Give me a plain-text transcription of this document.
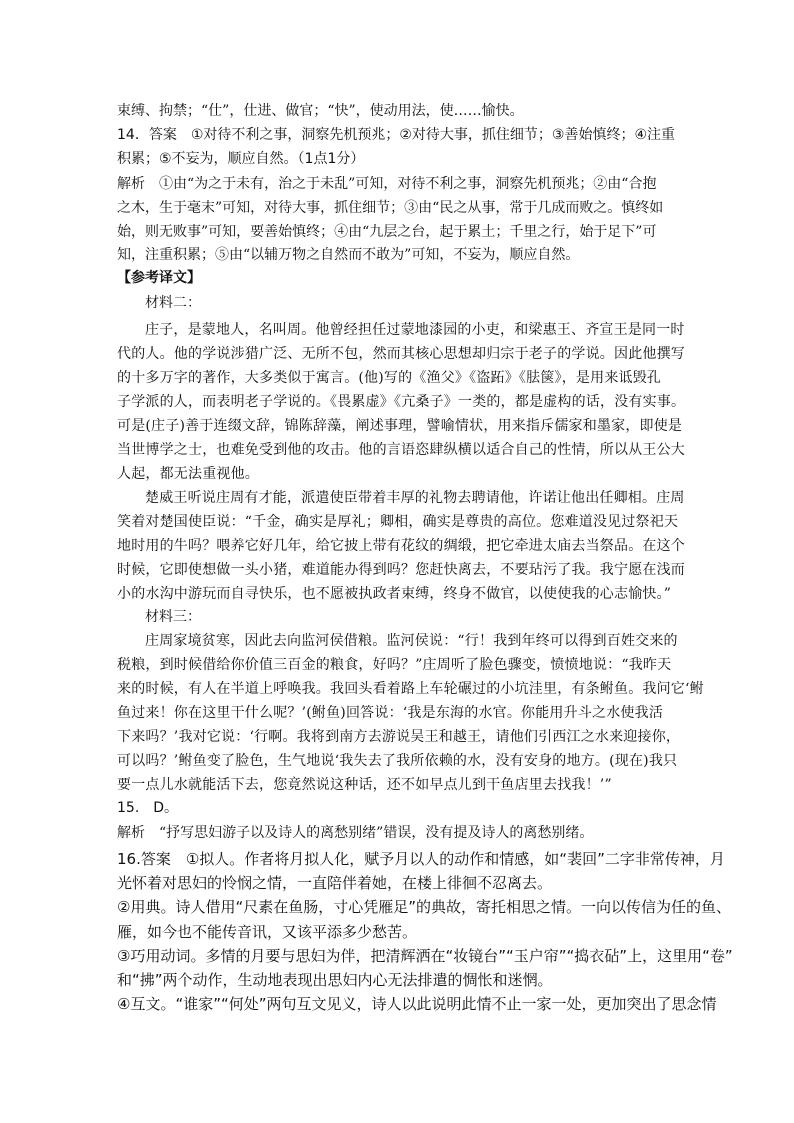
束缚、拘禁；“仕”，仕进、做官；“快”，使动用法，使……愉快。
14．答案　①对待不利之事，洞察先机预兆；②对待大事，抓住细节；③善始慎终；④注重
积累；⑤不妄为，顺应自然。（1点1分）
解析　①由“为之于未有，治之于未乱”可知，对待不利之事，洞察先机预兆；②由“合抱
之木，生于毫末”可知，对待大事，抓住细节；③由“民之从事，常于几成而败之。慎终如
始，则无败事”可知，要善始慎终；④由“九层之台，起于累土；千里之行，始于足下”可
知，注重积累；⑤由“以辅万物之自然而不敢为”可知，不妄为，顺应自然。
【参考译文】
材料二：
庄子，是蒙地人，名叫周。他曾经担任过蒙地漆园的小吏，和梁惠王、齐宣王是同一时
代的人。他的学说涉猎广泛、无所不包，然而其核心思想却归宗于老子的学说。因此他撰写
的十多万字的著作，大多类似于寓言。(他)写的《渔父》《盗跖》《胠箧》，是用来诋毁孔
子学派的人，而表明老子学说的。《畏累虚》《亢桑子》一类的，都是虚构的话，没有实事。
可是(庄子)善于连缀文辞，锦陈辞藻，阐述事理，譬喻情状，用来指斥儒家和墨家，即使是
当世博学之士，也难免受到他的攻击。他的言语恣肆纵横以适合自己的性情，所以从王公大
人起，都无法重视他。
楚威王听说庄周有才能，派遣使臣带着丰厚的礼物去聘请他，许诺让他出任卿相。庄周
笑着对楚国使臣说：“千金，确实是厚礼；卿相，确实是尊贵的高位。您难道没见过祭祀天
地时用的牛吗？喂养它好几年，给它披上带有花纹的绸缎，把它牵进太庙去当祭品。在这个
时候，它即使想做一头小猪，难道能办得到吗？您赶快离去，不要玷污了我。我宁愿在浅而
小的水沟中游玩而自寻快乐，也不愿被执政者束缚，终身不做官，以使使我的心志愉快。”
材料三：
庄周家境贫寒，因此去向监河侯借粮。监河侯说：“行！我到年终可以得到百姓交来的
税粮，到时候借给你价值三百金的粮食，好吗？”庄周听了脸色骤变，愤愤地说：“我昨天
来的时候，有人在半道上呼唤我。我回头看着路上车轮碾过的小坑洼里，有条鲋鱼。我问它‘鲋
鱼过来！你在这里干什么呢？’(鲋鱼)回答说：‘我是东海的水官。你能用升斗之水使我活
下来吗？’我对它说：‘行啊。我将到南方去游说吴王和越王，请他们引西江之水来迎接你，
可以吗？’鲋鱼变了脸色，生气地说‘我失去了我所依赖的水，没有安身的地方。(现在)我只
要一点儿水就能活下去，您竟然说这种话，还不如早点儿到干鱼店里去找我！’”
15.　D。
解析　“抒写思妇游子以及诗人的离愁别绪”错误，没有提及诗人的离愁别绪。
16.答案　①拟人。作者将月拟人化，赋予月以人的动作和情感，如“裴回”二字非常传神，月
光怀着对思妇的怜悯之情，一直陪伴着她，在楼上徘徊不忍离去。
②用典。诗人借用“尺素在鱼肠，寸心凭雁足”的典故，寄托相思之情。一向以传信为任的鱼、
雁，如今也不能传音讯，又该平添多少愁苦。
③巧用动词。多情的月要与思妇为伴，把清辉洒在“妆镜台”“玉户帘”“捣衣砧”上，这里用“卷”
和“拂”两个动作，生动地表现出思妇内心无法排遣的惆怅和迷惘。
④互文。“谁家”“何处”两句互文见义，诗人以此说明此情不止一家一处，更加突出了思念情
